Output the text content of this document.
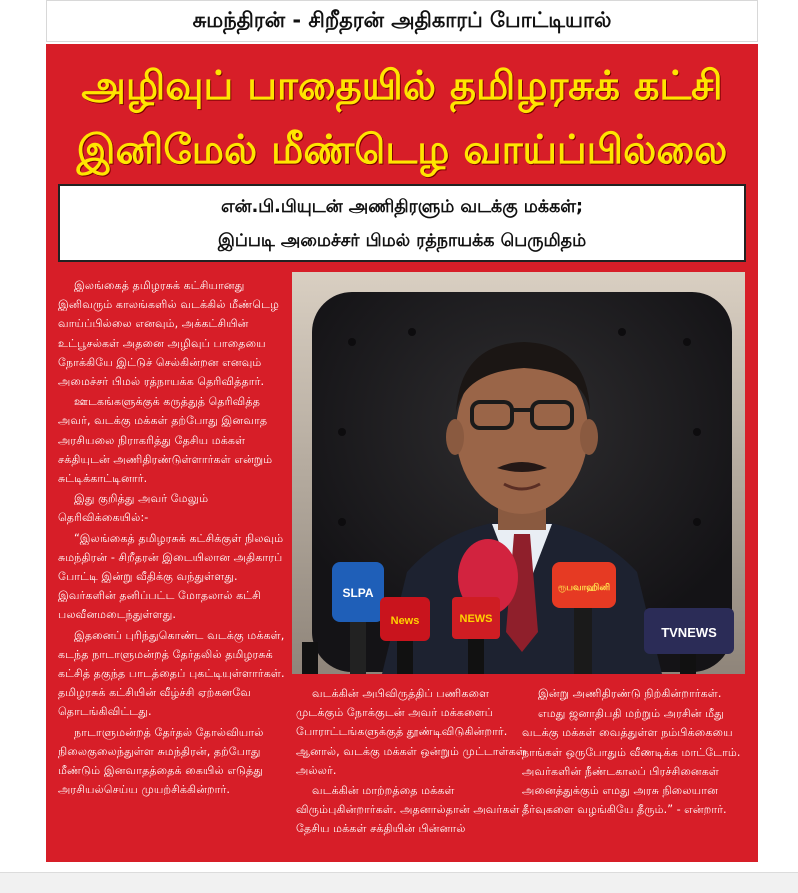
சுமந்திரன் - சிறீதரன் அதிகாரப் போட்டியால்
அழிவுப் பாதையில் தமிழரசுக் கட்சி
இனிமேல் மீண்டெழ வாய்ப்பில்லை
என்.பி.பியுடன் அணிதிரளும் வடக்கு மக்கள்;
இப்படி அமைச்சர் பிமல் ரத்நாயக்க பெருமிதம்

இலங்கைத் தமிழரசுக் கட்சியானது இனிவரும் காலங்களில் வடக்கில் மீண்டெழ வாய்ப்பில்லை எனவும், அக்கட்சியின் உட்பூசல்கள் அதனை அழிவுப் பாதையை நோக்கியே இட்டுச் செல்கின்றன எனவும் அமைச்சர் பிமல் ரத்நாயக்க தெரிவித்தார்.

ஊடகங்களுக்குக் கருத்துத் தெரிவித்த அவர், வடக்கு மக்கள் தற்போது இனவாத அரசியலை நிராகரித்து தேசிய மக்கள் சக்தியுடன் அணிதிரண்டுள்ளார்கள் என்றும் சுட்டிக்காட்டினார்.

இது குறித்து அவர் மேலும் தெரிவிக்கையில்:-

“இலங்கைத் தமிழரசுக் கட்சிக்குள் நிலவும் சுமந்திரன் - சிறீதரன் இடையிலான அதிகாரப் போட்டி இன்று வீதிக்கு வந்துள்ளது. இவர்களின் தனிப்பட்ட மோதலால் கட்சி பலவீனமடைந்துள்ளது.

இதனைப் புரிந்துகொண்ட வடக்கு மக்கள், கடந்த நாடாளுமன்றத் தேர்தலில் தமிழரசுக் கட்சித் தகுந்த பாடத்தைப் புகட்டியுள்ளார்கள். தமிழரசுக் கட்சியின் வீழ்ச்சி ஏற்கனவே தொடங்கிவிட்டது.

நாடாளுமன்றத் தேர்தல் தோல்வியால் நிலைகுலைந்துள்ள சுமந்திரன், தற்போது மீண்டும் இனவாதத்தைக் கையில் எடுத்து அரசியல்செய்ய முயற்சிக்கின்றார்.

SLPA
NEWS
News
ரூபவாஹினி
TVNEWS

வடக்கின் அபிவிருத்திப் பணிகளை முடக்கும் நோக்குடன் அவர் மக்களைப் போராட்டங்களுக்குத் தூண்டிவிடுகின்றார். ஆனால், வடக்கு மக்கள் ஒன்றும் முட்டாள்கள் அல்லர்.

வடக்கின் மாற்றத்தை மக்கள் விரும்புகின்றார்கள். அதனால்தான் அவர்கள் தேசிய மக்கள் சக்தியின் பின்னால்

இன்று அணிதிரண்டு நிற்கின்றார்கள்.

எமது ஜனாதிபதி மற்றும் அரசின் மீது வடக்கு மக்கள் வைத்துள்ள நம்பிக்கையை நாங்கள் ஒருபோதும் வீணடிக்க மாட்டோம். அவர்களின் நீண்டகாலப் பிரச்சினைகள் அனைத்துக்கும் எமது அரசு நிலையான தீர்வுகளை வழங்கியே தீரும்.” - என்றார்.
